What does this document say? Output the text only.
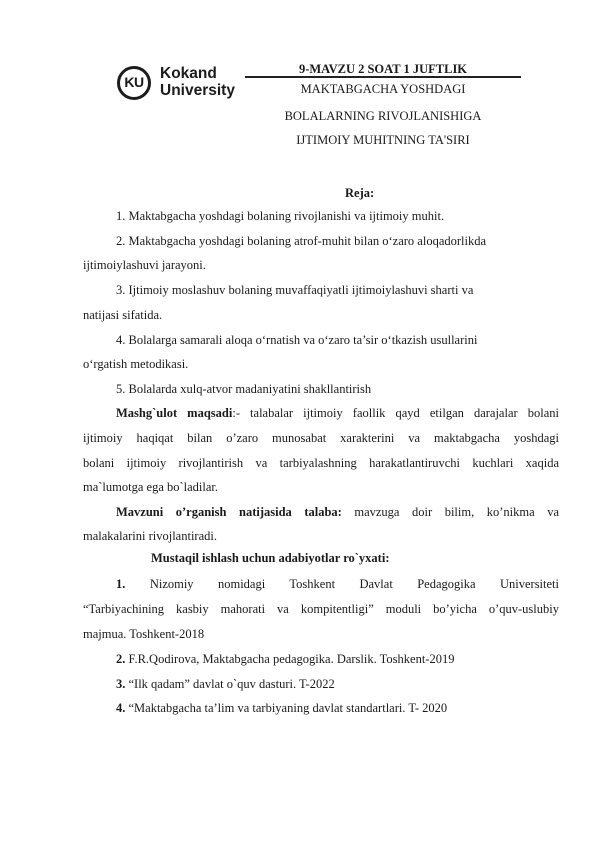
KU	Kokand
University
9-MAVZU 2 SOAT 1 JUFTLIK
MAKTABGACHA YOSHDAGI
BOLALARNING RIVOJLANISHIGA
IJTIMOIY MUHITNING TA'SIRI
Reja:
1. Maktabgacha yoshdagi bolaning rivojlanishi va ijtimoiy muhit.
2. Maktabgacha yoshdagi bolaning atrof-muhit bilan o‘zaro aloqadorlikda
ijtimoiylashuvi jarayoni.
3. Ijtimoiy moslashuv bolaning muvaffaqiyatli ijtimoiylashuvi sharti va
natijasi sifatida.
4. Bolalarga samarali aloqa o‘rnatish va o‘zaro ta’sir o‘tkazish usullarini
o‘rgatish metodikasi.
5. Bolalarda xulq-atvor madaniyatini shakllantirish
Mashg`ulot maqsadi:- talabalar ijtimoiy faollik qayd etilgan darajalar bolani
ijtimoiy haqiqat bilan o’zaro munosabat xarakterini va maktabgacha yoshdagi
bolani ijtimoiy rivojlantirish va tarbiyalashning harakatlantiruvchi kuchlari xaqida
ma`lumotga ega bo`ladilar.
Mavzuni o’rganish natijasida talaba: mavzuga doir bilim, ko’nikma va
malakalarini rivojlantiradi.
Mustaqil ishlash uchun adabiyotlar ro`yxati:
1. Nizomiy nomidagi Toshkent Davlat Pedagogika Universiteti
“Tarbiyachining kasbiy mahorati va kompitentligi” moduli bo’yicha o’quv-uslubiy
majmua. Toshkent-2018
2. F.R.Qodirova, Maktabgacha pedagogika. Darslik. Toshkent-2019
3. “Ilk qadam” davlat o`quv dasturi. T-2022
4. “Maktabgacha ta’lim va tarbiyaning davlat standartlari. T- 2020
